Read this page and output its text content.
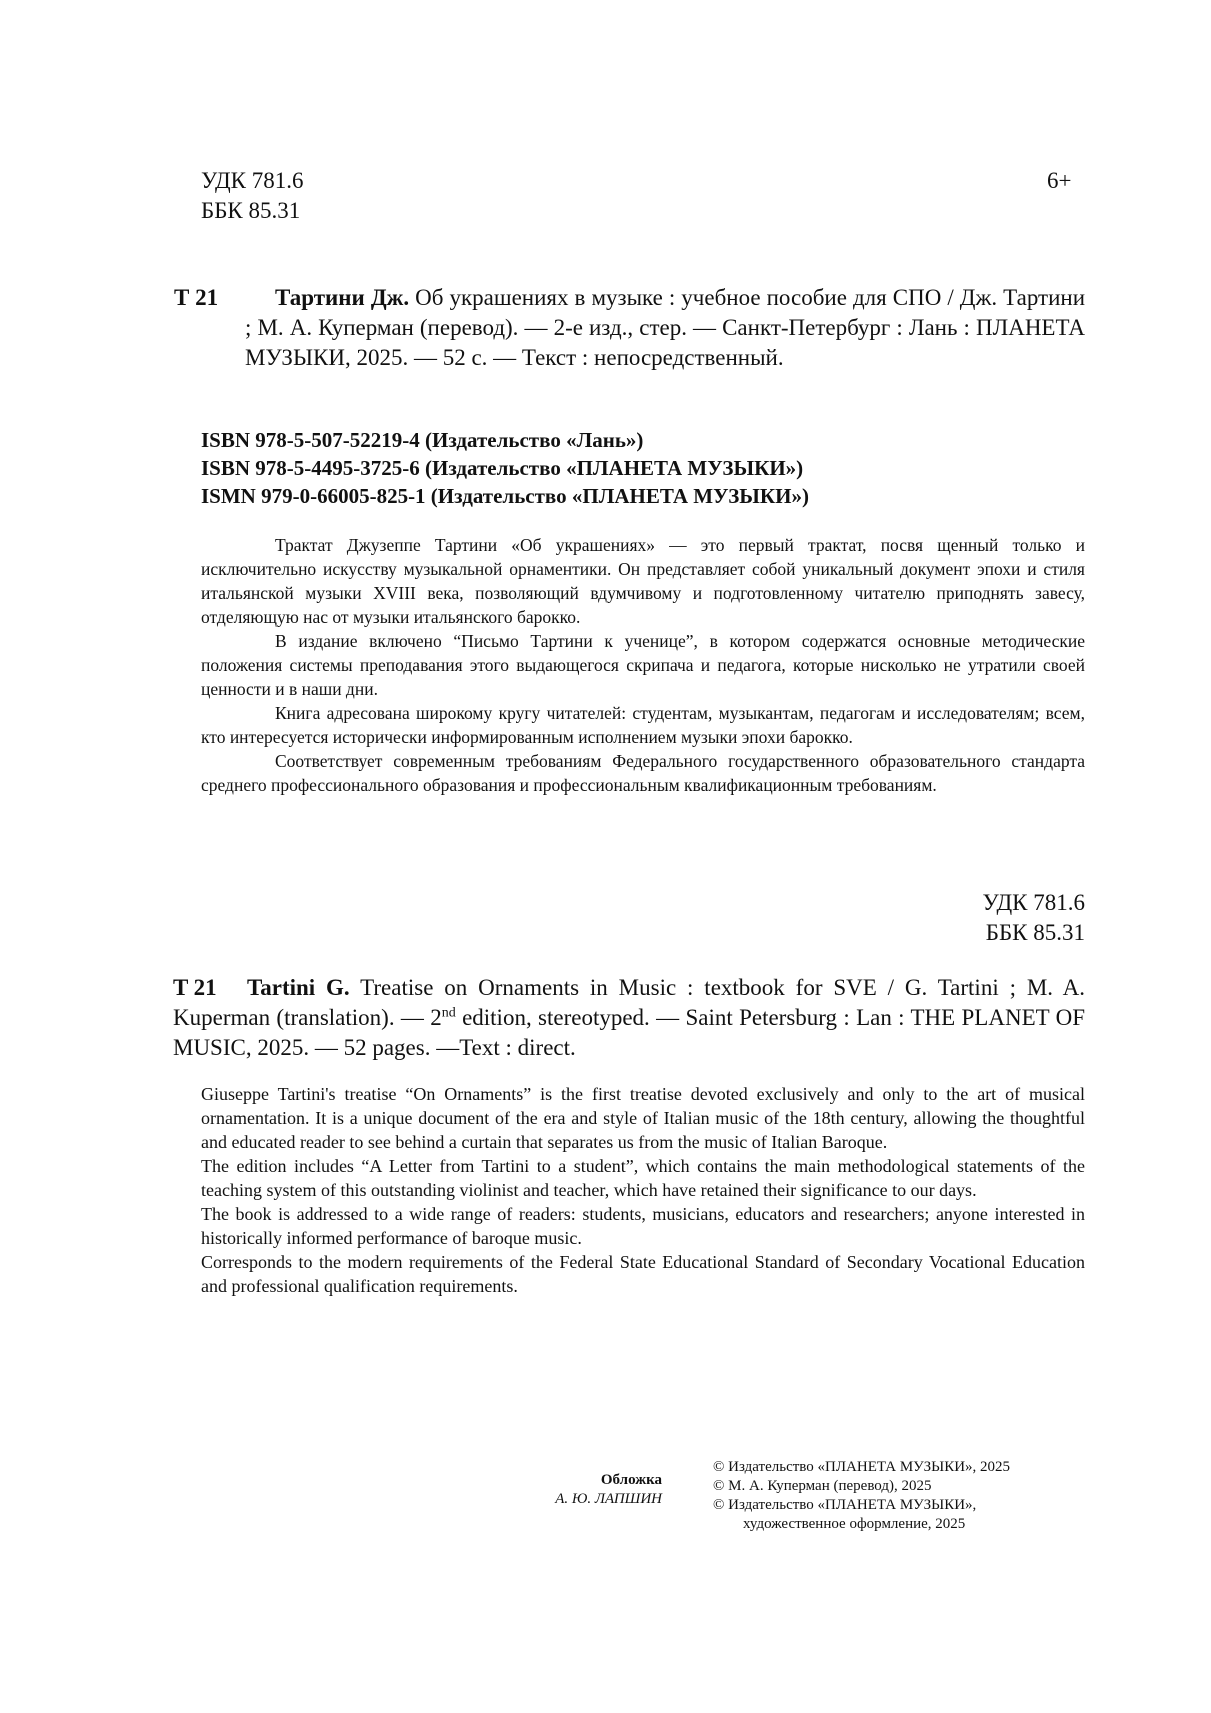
УДК 781.6
ББК 85.31
6+
Т 21	Тартини Дж. Об украшениях в музыке : учебное пособие для СПО / Дж. Тартини ; М. А. Куперман (перевод). — 2-е изд., стер. — Санкт-Петербург : Лань : ПЛАНЕТА МУЗЫКИ, 2025. — 52 с. — Текст : непосредственный.
ISBN 978-5-507-52219-4 (Издательство «Лань»)
ISBN 978-5-4495-3725-6 (Издательство «ПЛАНЕТА МУЗЫКИ»)
ISMN 979-0-66005-825-1 (Издательство «ПЛАНЕТА МУЗЫКИ»)

Трактат Джузеппе Тартини «Об украшениях» — это первый трактат, посвя щенный только и исключительно искусству музыкальной орнаментики. Он представляет собой уникальный документ эпохи и стиля итальянской музыки XVIII века, позволяющий вдумчивому и подготовленному читателю приподнять завесу, отделяющую нас от музыки итальянского барокко.

В издание включено “Письмо Тартини к ученице”, в котором содержатся основные методические положения системы преподавания этого выдающегося скрипача и педагога, которые нисколько не утратили своей ценности и в наши дни.

Книга адресована широкому кругу читателей: студентам, музыкантам, педагогам и исследователям; всем, кто интересуется исторически информированным исполнением музыки эпохи барокко.

Соответствует современным требованиям Федерального государственного образовательного стандарта среднего профессионального образования и профессиональным квалификационным требованиям.

УДК 781.6
ББК 85.31
T 21	Tartini G. Treatise on Ornaments in Music : textbook for SVE / G. Tartini ; M. A. Kuperman (translation). — 2nd edition, stereotyped. — Saint Petersburg : Lan : THE PLANET OF MUSIC, 2025. — 52 pages. —Text : direct.

Giuseppe Tartini's treatise “On Ornaments” is the first treatise devoted exclusively and only to the art of musical ornamentation. It is a unique document of the era and style of Italian music of the 18th century, allowing the thoughtful and educated reader to see behind a curtain that separates us from the music of Italian Baroque.

The edition includes “A Letter from Tartini to a student”, which contains the main methodological statements of the teaching system of this outstanding violinist and teacher, which have retained their significance to our days.

The book is addressed to a wide range of readers: students, musicians, educators and researchers; anyone interested in historically informed performance of baroque music.

Corresponds to the modern requirements of the Federal State Educational Standard of Secondary Vocational Education and professional qualification requirements.

Обложка
А. Ю. ЛАПШИН
© Издательство «ПЛАНЕТА МУЗЫКИ», 2025
© М. А. Куперман (перевод), 2025
© Издательство «ПЛАНЕТА МУЗЫКИ»,
художественное оформление, 2025
